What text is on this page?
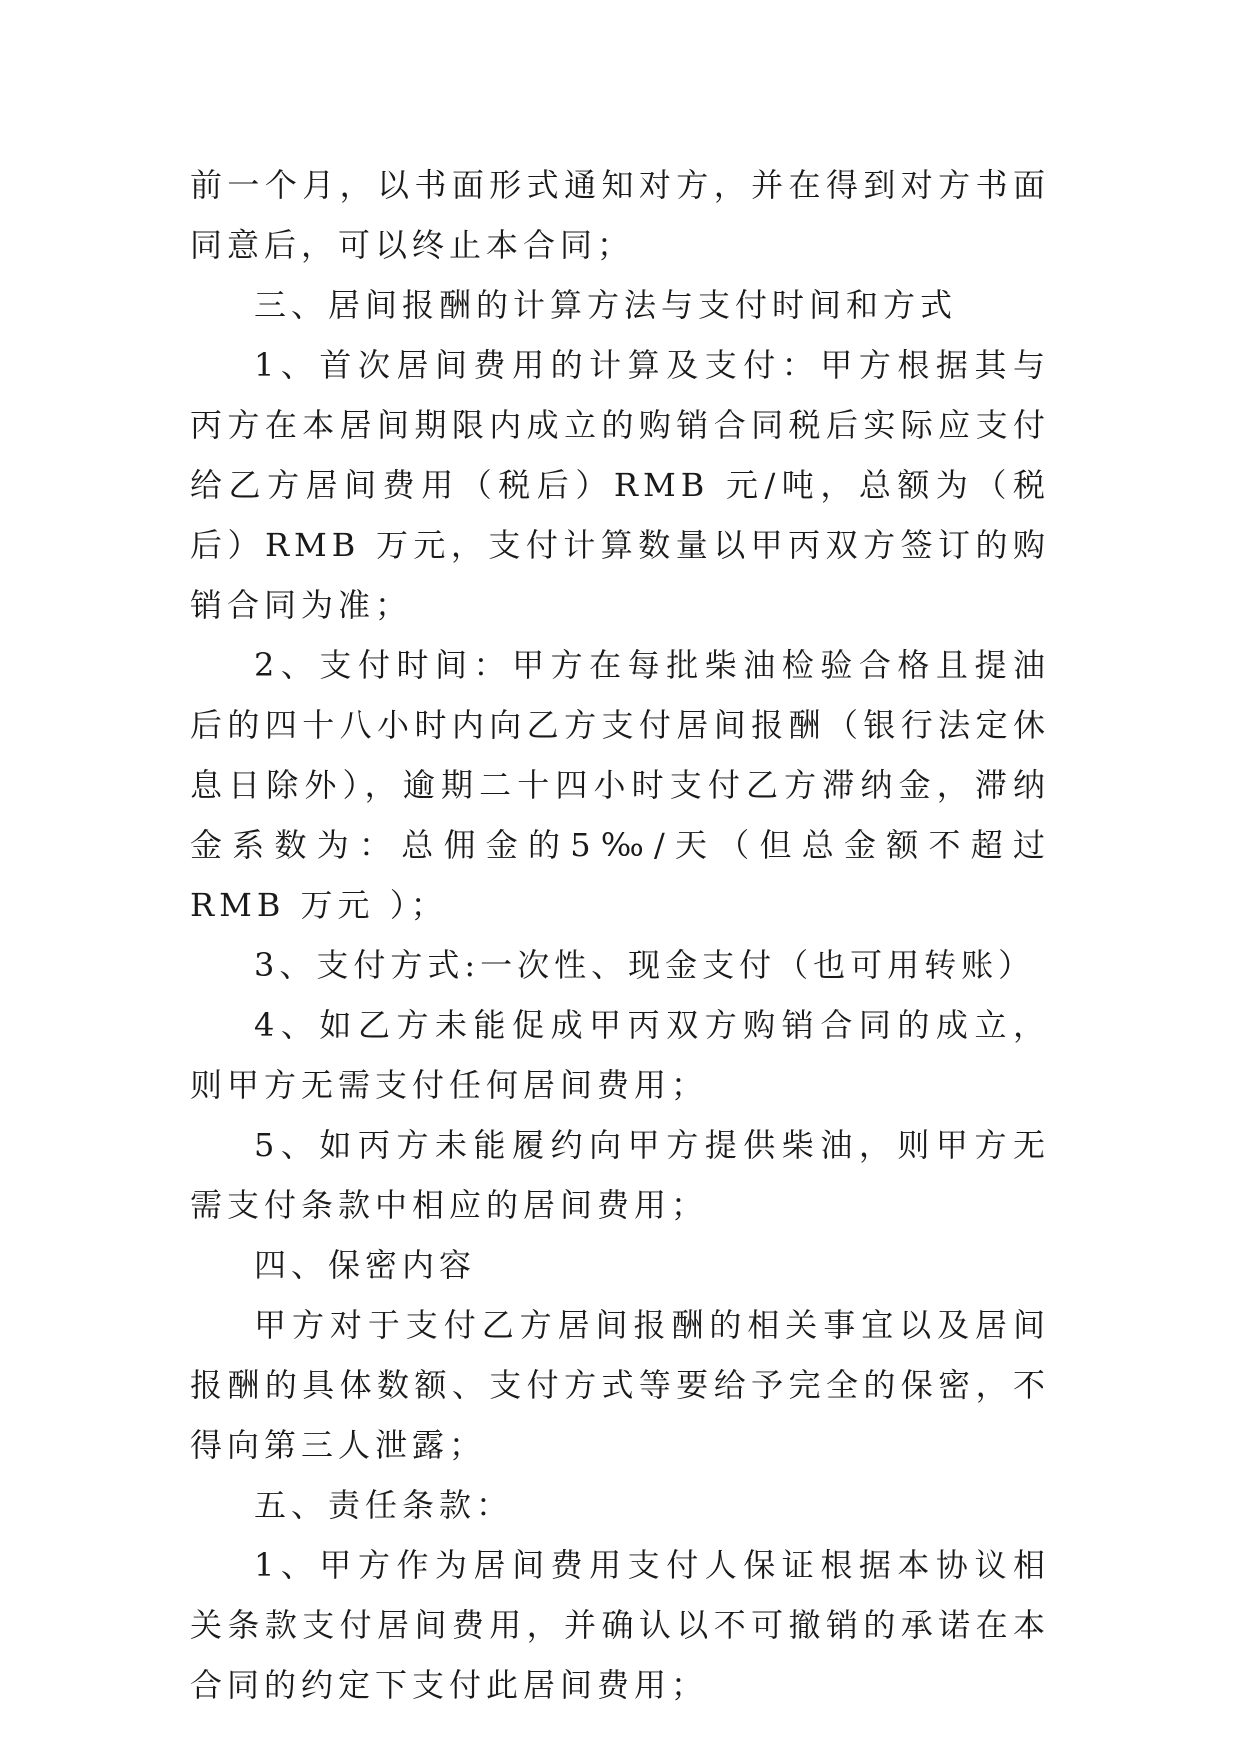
前一个月，以书面形式通知对方，并在得到对方书面同意后，可以终止本合同；

三、居间报酬的计算方法与支付时间和方式

1、首次居间费用的计算及支付：甲方根据其与丙方在本居间期限内成立的购销合同税后实际应支付给乙方居间费用（税后）RMB 元/吨，总额为（税后）RMB 万元，支付计算数量以甲丙双方签订的购销合同为准；

2、支付时间：甲方在每批柴油检验合格且提油后的四十八小时内向乙方支付居间报酬（银行法定休息日除外），逾期二十四小时支付乙方滞纳金，滞纳金系数为：总佣金的5‰/天（但总金额不超过 RMB 万元 ）；

3、支付方式:一次性、现金支付（也可用转账）

4、如乙方未能促成甲丙双方购销合同的成立，则甲方无需支付任何居间费用；

5、如丙方未能履约向甲方提供柴油，则甲方无需支付条款中相应的居间费用；

四、保密内容

甲方对于支付乙方居间报酬的相关事宜以及居间报酬的具体数额、支付方式等要给予完全的保密，不得向第三人泄露；

五、责任条款：

1、甲方作为居间费用支付人保证根据本协议相关条款支付居间费用，并确认以不可撤销的承诺在本合同的约定下支付此居间费用；
